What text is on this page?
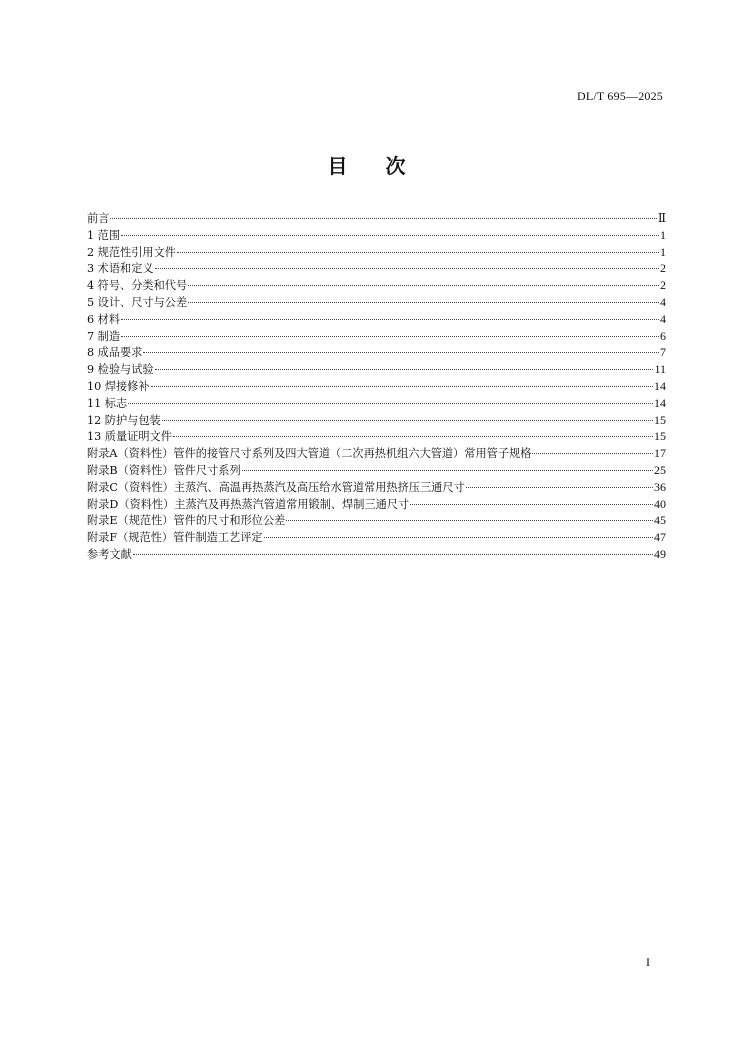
DL/T 695—2025
目 次
前言	Ⅱ
1 范围	1
2 规范性引用文件	1
3 术语和定义	2
4 符号、分类和代号	2
5 设计、尺寸与公差	4
6 材料	4
7 制造	6
8 成品要求	7
9 检验与试验	11
10 焊接修补	14
11 标志	14
12 防护与包装	15
13 质量证明文件	15
附录A（资料性）管件的接管尺寸系列及四大管道（二次再热机组六大管道）常用管子规格	17
附录B（资料性）管件尺寸系列	25
附录C（资料性）主蒸汽、高温再热蒸汽及高压给水管道常用热挤压三通尺寸	36
附录D（资料性）主蒸汽及再热蒸汽管道常用锻制、焊制三通尺寸	40
附录E（规范性）管件的尺寸和形位公差	45
附录F（规范性）管件制造工艺评定	47
参考文献	49
I
